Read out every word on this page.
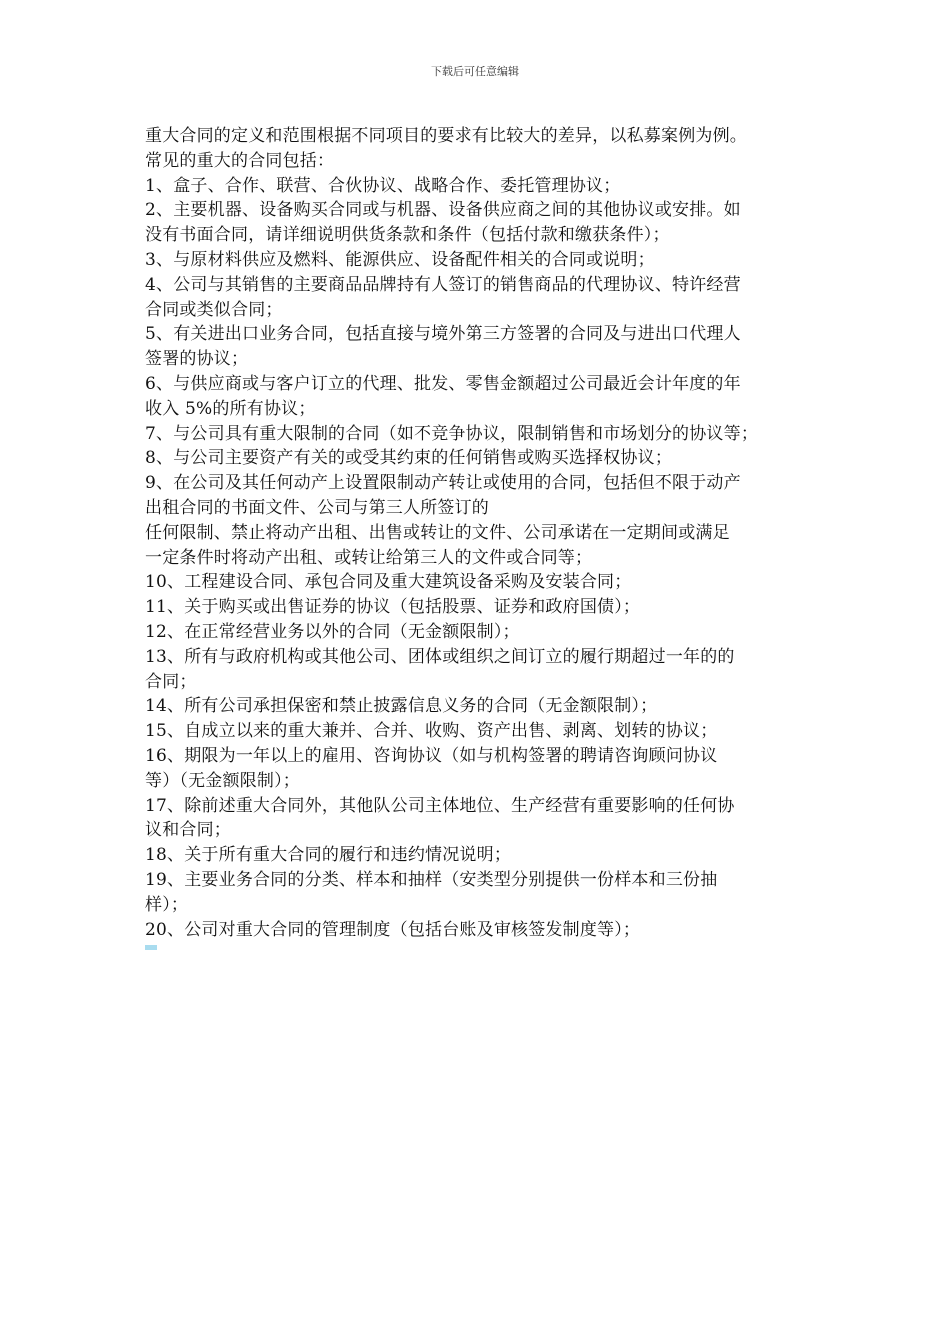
下载后可任意编辑
重大合同的定义和范围根据不同项目的要求有比较大的差异，以私募案例为例。
常见的重大的合同包括：
1、盒子、合作、联营、合伙协议、战略合作、委托管理协议；
2、主要机器、设备购买合同或与机器、设备供应商之间的其他协议或安排。如
没有书面合同，请详细说明供货条款和条件（包括付款和缴获条件）；
3、与原材料供应及燃料、能源供应、设备配件相关的合同或说明；
4、公司与其销售的主要商品品牌持有人签订的销售商品的代理协议、特许经营
合同或类似合同；
5、有关进出口业务合同，包括直接与境外第三方签署的合同及与进出口代理人
签署的协议；
6、与供应商或与客户订立的代理、批发、零售金额超过公司最近会计年度的年
收入 5%的所有协议；
7、与公司具有重大限制的合同（如不竞争协议，限制销售和市场划分的协议等；
8、与公司主要资产有关的或受其约束的任何销售或购买选择权协议；
9、在公司及其任何动产上设置限制动产转让或使用的合同，包括但不限于动产
出租合同的书面文件、公司与第三人所签订的
任何限制、禁止将动产出租、出售或转让的文件、公司承诺在一定期间或满足
一定条件时将动产出租、或转让给第三人的文件或合同等；
10、工程建设合同、承包合同及重大建筑设备采购及安装合同；
11、关于购买或出售证券的协议（包括股票、证券和政府国债）；
12、在正常经营业务以外的合同（无金额限制）；
13、所有与政府机构或其他公司、团体或组织之间订立的履行期超过一年的的
合同；
14、所有公司承担保密和禁止披露信息义务的合同（无金额限制）；
15、自成立以来的重大兼并、合并、收购、资产出售、剥离、划转的协议；
16、期限为一年以上的雇用、咨询协议（如与机构签署的聘请咨询顾问协议
等）（无金额限制）；
17、除前述重大合同外，其他队公司主体地位、生产经营有重要影响的任何协
议和合同；
18、关于所有重大合同的履行和违约情况说明；
19、主要业务合同的分类、样本和抽样（安类型分别提供一份样本和三份抽
样）；
20、公司对重大合同的管理制度（包括台账及审核签发制度等）；
